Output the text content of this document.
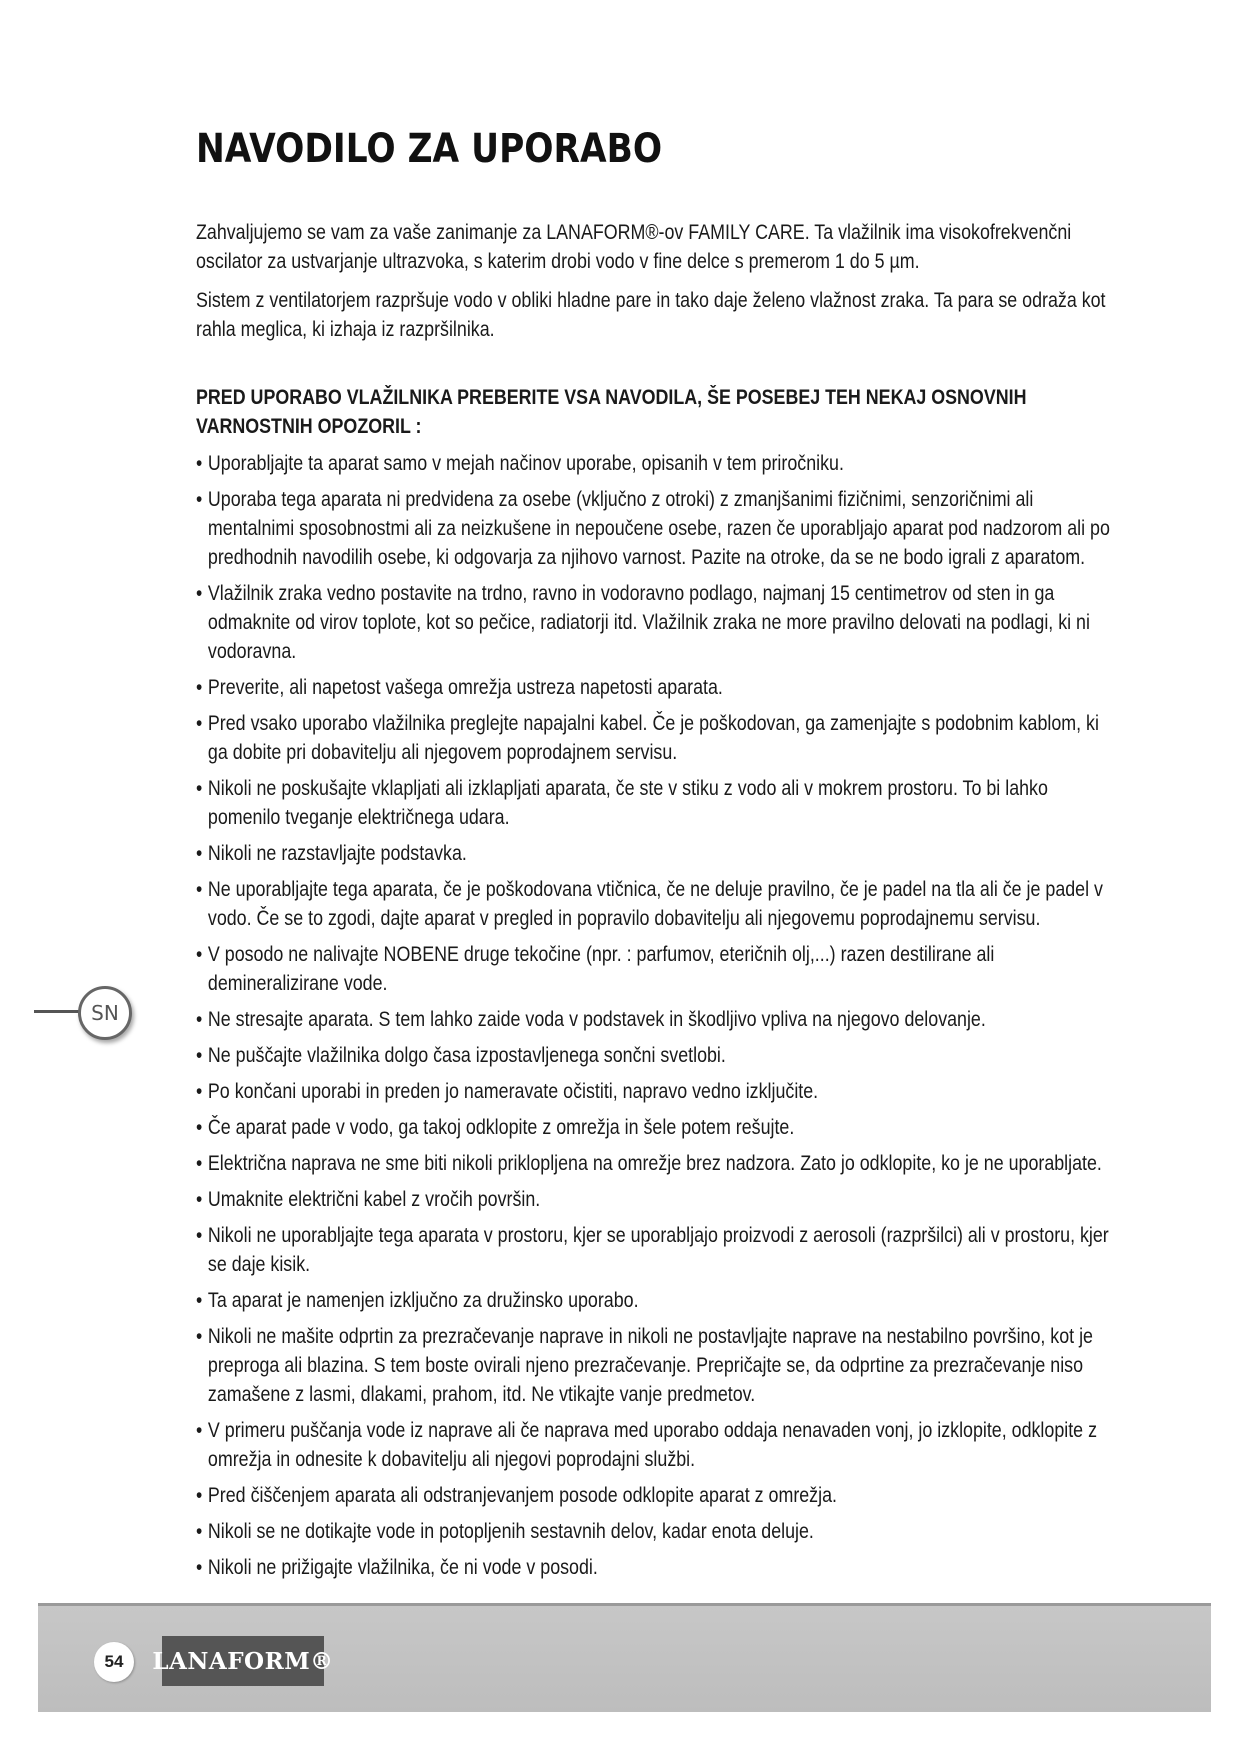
NAVODILO ZA UPORABO

Zahvaljujemo se vam za vaše zanimanje za LANAFORM®-ov FAMILY CARE. Ta vlažilnik ima visokofrekvenčni oscilator za ustvarjanje ultrazvoka, s katerim drobi vodo v fine delce s premerom 1 do 5 µm.

Sistem z ventilatorjem razpršuje vodo v obliki hladne pare in tako daje želeno vlažnost zraka. Ta para se odraža kot rahla meglica, ki izhaja iz razpršilnika.

PRED UPORABO VLAŽILNIKA PREBERITE VSA NAVODILA, ŠE POSEBEJ TEH NEKAJ OSNOVNIH VARNOSTNIH OPOZORIL :
• Uporabljajte ta aparat samo v mejah načinov uporabe, opisanih v tem priročniku.
• Uporaba tega aparata ni predvidena za osebe (vključno z otroki) z zmanjšanimi fizičnimi, senzoričnimi ali mentalnimi sposobnostmi ali za neizkušene in nepoučene osebe, razen če uporabljajo aparat pod nadzorom ali po predhodnih navodilih osebe, ki odgovarja za njihovo varnost. Pazite na otroke, da se ne bodo igrali z aparatom.
• Vlažilnik zraka vedno postavite na trdno, ravno in vodoravno podlago, najmanj 15 centimetrov od sten in ga odmaknite od virov toplote, kot so pečice, radiatorji itd. Vlažilnik zraka ne more pravilno delovati na podlagi, ki ni vodoravna.
• Preverite, ali napetost vašega omrežja ustreza napetosti aparata.
• Pred vsako uporabo vlažilnika preglejte napajalni kabel. Če je poškodovan, ga zamenjajte s podobnim kablom, ki ga dobite pri dobavitelju ali njegovem poprodajnem servisu.
• Nikoli ne poskušajte vklapljati ali izklapljati aparata, če ste v stiku z vodo ali v mokrem prostoru. To bi lahko pomenilo tveganje električnega udara.
• Nikoli ne razstavljajte podstavka.
• Ne uporabljajte tega aparata, če je poškodovana vtičnica, če ne deluje pravilno, če je padel na tla ali če je padel v vodo. Če se to zgodi, dajte aparat v pregled in popravilo dobavitelju ali njegovemu poprodajnemu servisu.
• V posodo ne nalivajte NOBENE druge tekočine (npr. : parfumov, eteričnih olj,...) razen destilirane ali demineralizirane vode.
• Ne stresajte aparata. S tem lahko zaide voda v podstavek in škodljivo vpliva na njegovo delovanje.
• Ne puščajte vlažilnika dolgo časa izpostavljenega sončni svetlobi.
• Po končani uporabi in preden jo nameravate očistiti, napravo vedno izključite.
• Če aparat pade v vodo, ga takoj odklopite z omrežja in šele potem rešujte.
• Električna naprava ne sme biti nikoli priklopljena na omrežje brez nadzora. Zato jo odklopite, ko je ne uporabljate.
• Umaknite električni kabel z vročih površin.
• Nikoli ne uporabljajte tega aparata v prostoru, kjer se uporabljajo proizvodi z aerosoli (razpršilci) ali v prostoru, kjer se daje kisik.
• Ta aparat je namenjen izključno za družinsko uporabo.
• Nikoli ne mašite odprtin za prezračevanje naprave in nikoli ne postavljajte naprave na nestabilno površino, kot je preproga ali blazina. S tem boste ovirali njeno prezračevanje. Prepričajte se, da odprtine za prezračevanje niso zamašene z lasmi, dlakami, prahom, itd. Ne vtikajte vanje predmetov.
• V primeru puščanja vode iz naprave ali če naprava med uporabo oddaja nenavaden vonj, jo izklopite, odklopite z omrežja in odnesite k dobavitelju ali njegovi poprodajni službi.
• Pred čiščenjem aparata ali odstranjevanjem posode odklopite aparat z omrežja.
• Nikoli se ne dotikajte vode in potopljenih sestavnih delov, kadar enota deluje.
• Nikoli ne prižigajte vlažilnika, če ni vode v posodi.
SN
54	LANAFORM®
